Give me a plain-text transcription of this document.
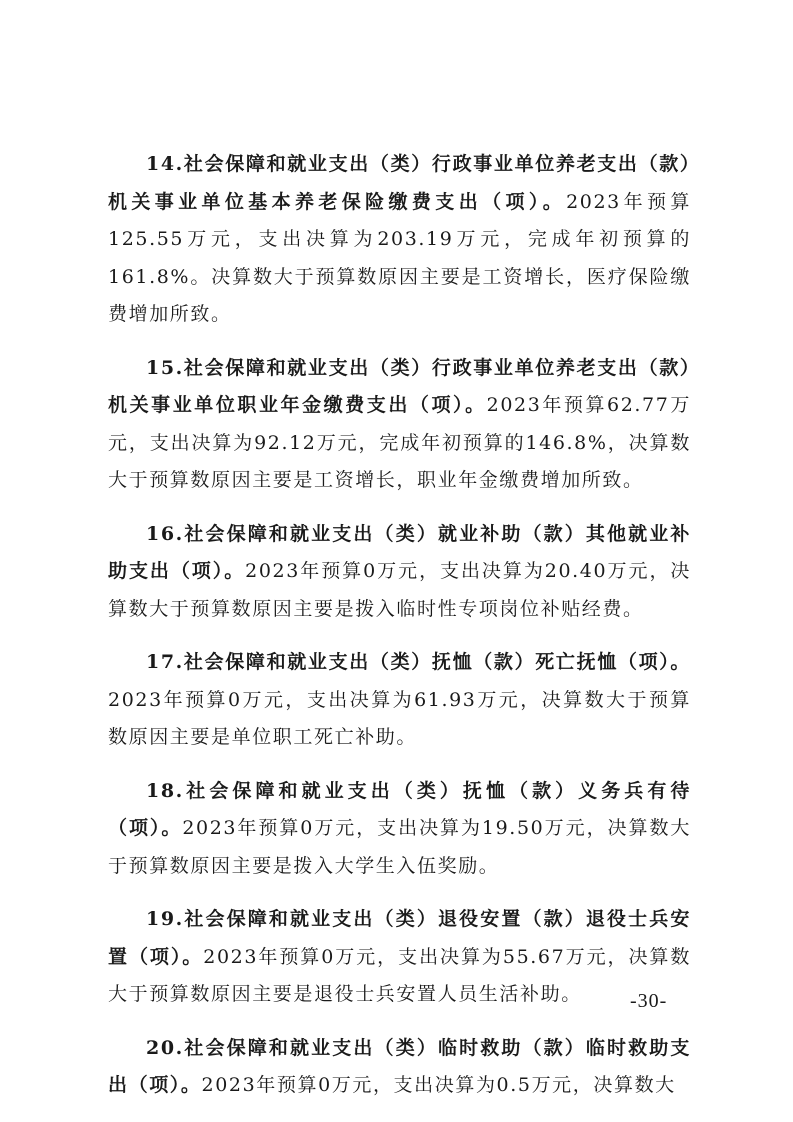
14.社会保障和就业支出（类）行政事业单位养老支出（款）机关事业单位基本养老保险缴费支出（项）。2023年预算125.55万元，支出决算为203.19万元，完成年初预算的161.8%。决算数大于预算数原因主要是工资增长，医疗保险缴费增加所致。

15.社会保障和就业支出（类）行政事业单位养老支出（款）机关事业单位职业年金缴费支出（项）。2023年预算62.77万元，支出决算为92.12万元，完成年初预算的146.8%，决算数大于预算数原因主要是工资增长，职业年金缴费增加所致。

16.社会保障和就业支出（类）就业补助（款）其他就业补助支出（项）。2023年预算0万元，支出决算为20.40万元，决算数大于预算数原因主要是拨入临时性专项岗位补贴经费。

17.社会保障和就业支出（类）抚恤（款）死亡抚恤（项）。2023年预算0万元，支出决算为61.93万元，决算数大于预算数原因主要是单位职工死亡补助。

18.社会保障和就业支出（类）抚恤（款）义务兵有待（项）。2023年预算0万元，支出决算为19.50万元，决算数大于预算数原因主要是拨入大学生入伍奖励。

19.社会保障和就业支出（类）退役安置（款）退役士兵安置（项）。2023年预算0万元，支出决算为55.67万元，决算数大于预算数原因主要是退役士兵安置人员生活补助。

20.社会保障和就业支出（类）临时救助（款）临时救助支出（项）。2023年预算0万元，支出决算为0.5万元，决算数大

-30-
